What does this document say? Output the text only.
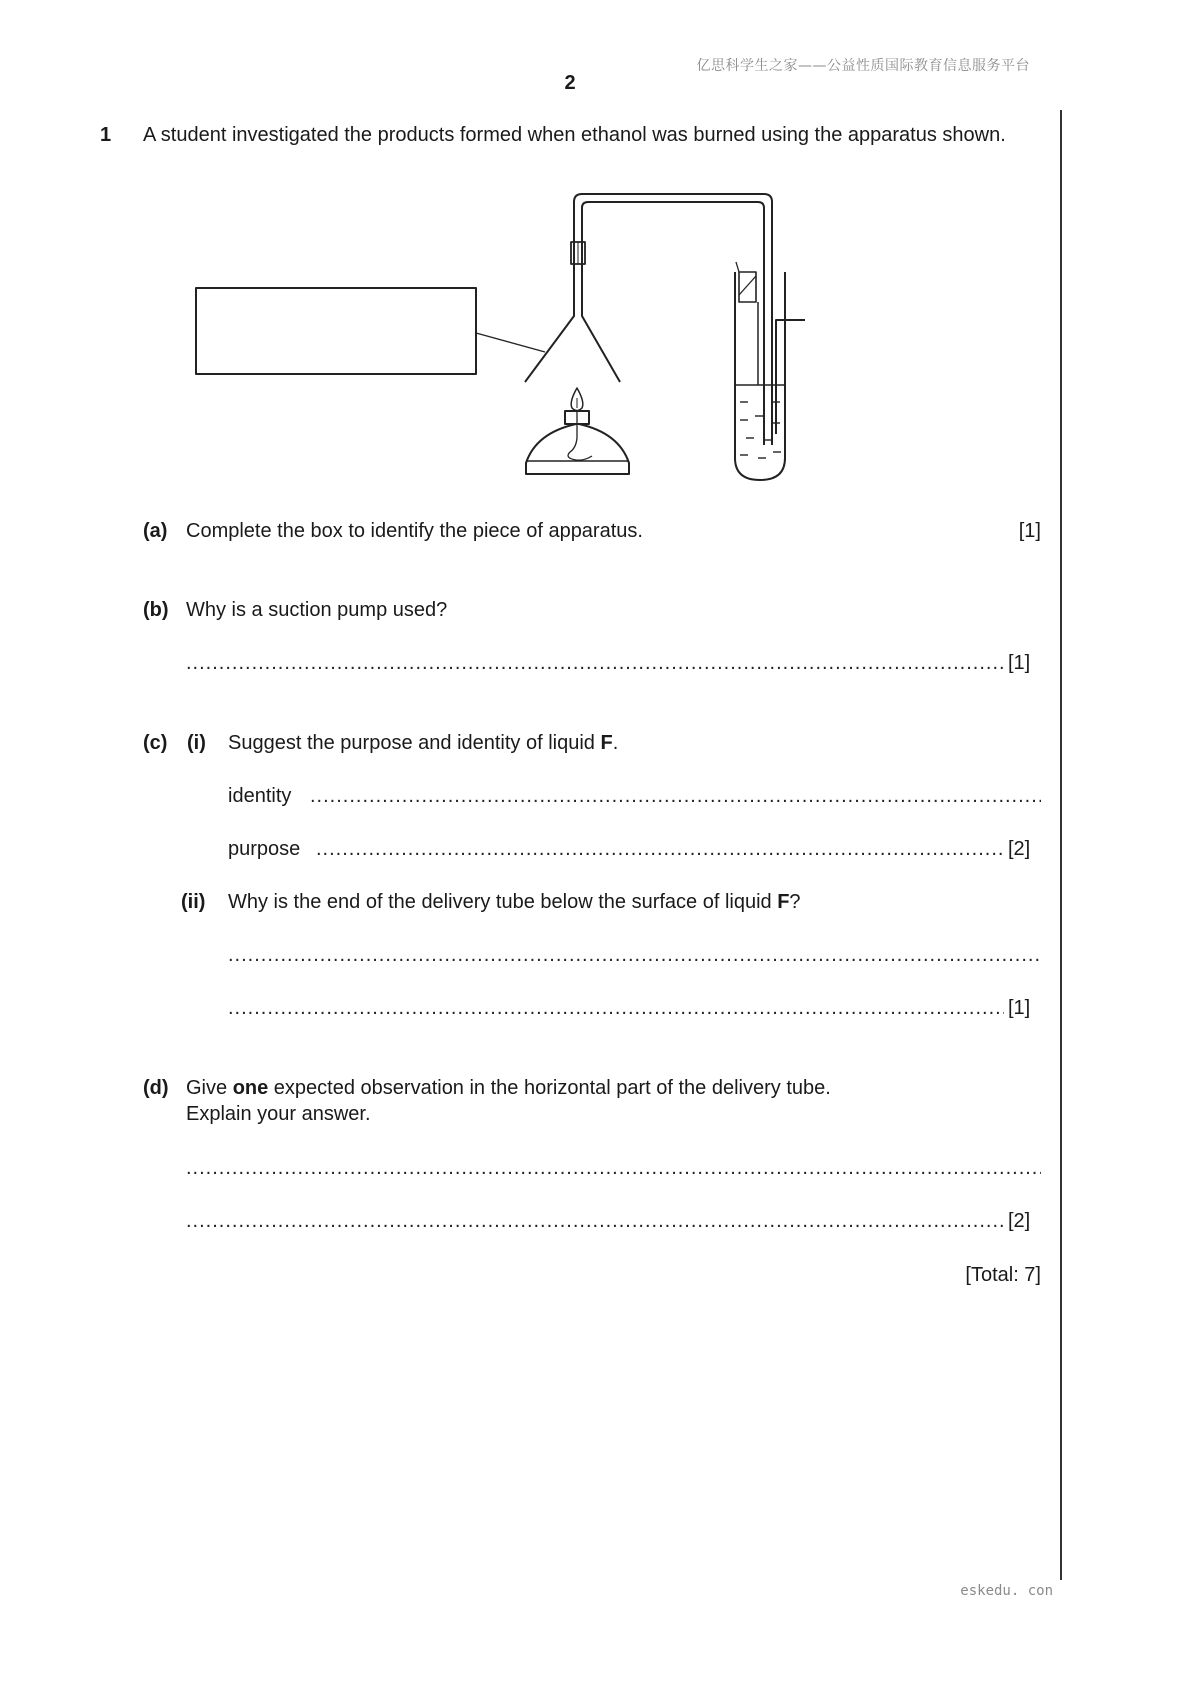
亿思科学生之家——公益性质国际教育信息服务平台
2
1 A student investigated the products formed when ethanol was burned using the apparatus shown.
(a) Complete the box to identify the piece of apparatus.	[1]
(b) Why is a suction pump used?
.....
[1]
(c) (i) Suggest the purpose and identity of liquid F.
identity
.....
purpose
.....	[2]
(ii) Why is the end of the delivery tube below the surface of liquid F?
.....
.....
[1]
(d) Give one expected observation in the horizontal part of the delivery tube.
Explain your answer.
.....
.....
[2]
[Total: 7]
eskedu. con
